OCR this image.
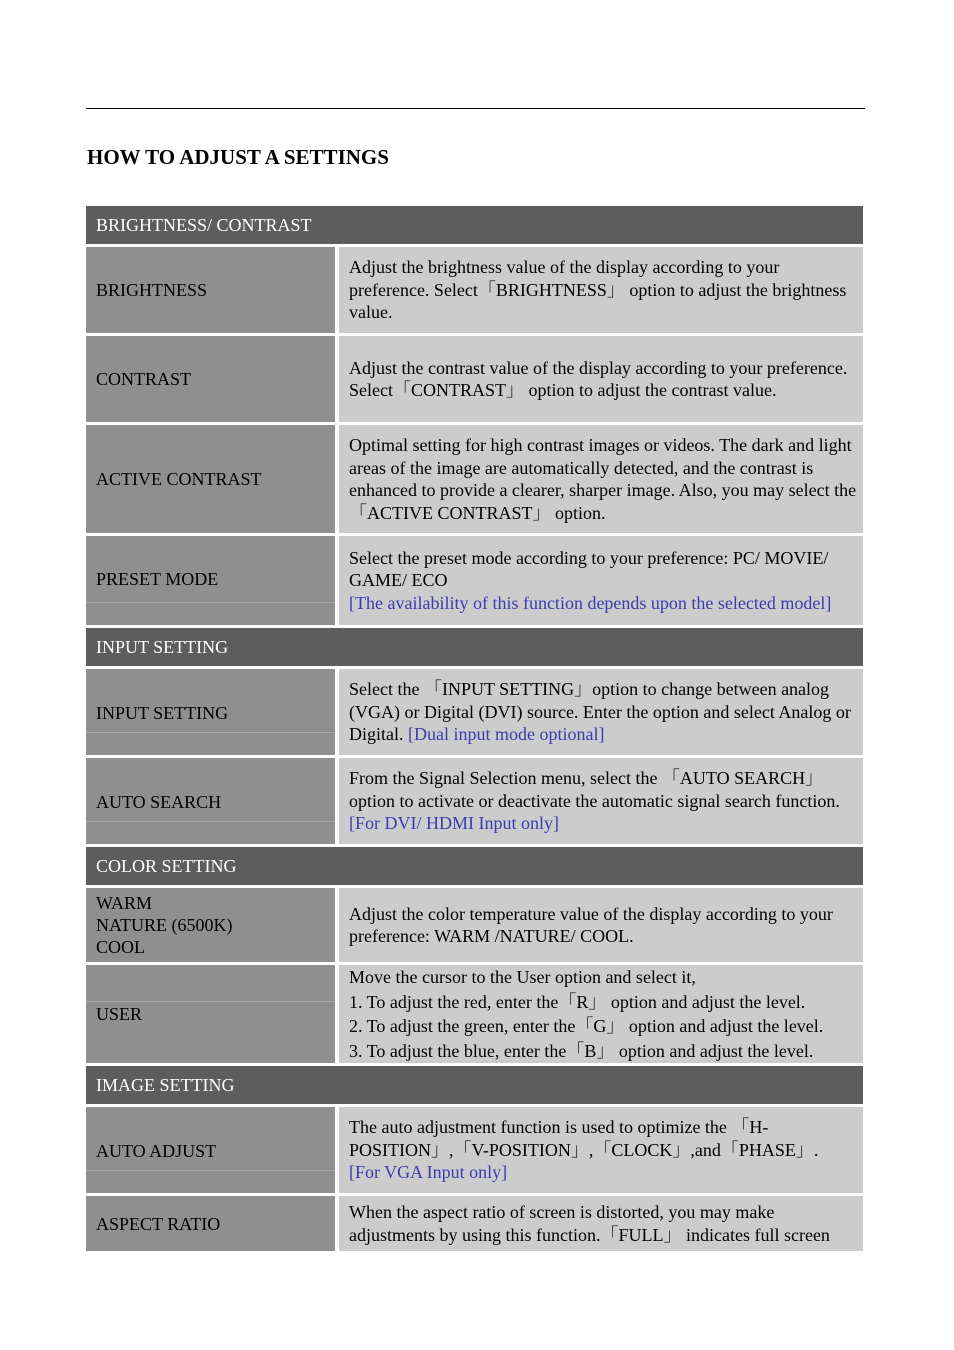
HOW TO ADJUST A SETTINGS
BRIGHTNESS/ CONTRAST
BRIGHTNESS

Adjust the brightness value of the display according to your preference. Select「BRIGHTNESS」 option to adjust the brightness value.

CONTRAST

Adjust the contrast value of the display according to your preference. Select「CONTRAST」 option to adjust the contrast value.

ACTIVE CONTRAST

Optimal setting for high contrast images or videos. The dark and light areas of the image are automatically detected, and the contrast is enhanced to provide a clearer, sharper image. Also, you may select the「ACTIVE CONTRAST」 option.

PRESET MODE

Select the preset mode according to your preference: PC/ MOVIE/ GAME/ ECO
[The availability of this function depends upon the selected model]

INPUT SETTING
INPUT SETTING

Select the 「INPUT SETTING」option to change between analog (VGA) or Digital (DVI) source. Enter the option and select Analog or Digital. [Dual input mode optional]

AUTO SEARCH

From the Signal Selection menu, select the 「AUTO SEARCH」 option to activate or deactivate the automatic signal search function. [For DVI/ HDMI Input only]

COLOR SETTING
WARM
NATURE (6500K)
COOL

Adjust the color temperature value of the display according to your preference: WARM /NATURE/ COOL.

USER
Move the cursor to the User option and select it,
1. To adjust the red, enter the「R」 option and adjust the level.
2. To adjust the green, enter the「G」 option and adjust the level.
3. To adjust the blue, enter the「B」 option and adjust the level.
IMAGE SETTING
AUTO ADJUST

The auto adjustment function is used to optimize the 「H-POSITION」,「V-POSITION」,「CLOCK」,and「PHASE」.
[For VGA Input only]

ASPECT RATIO

When the aspect ratio of screen is distorted, you may make adjustments by using this function.「FULL」 indicates full screen
